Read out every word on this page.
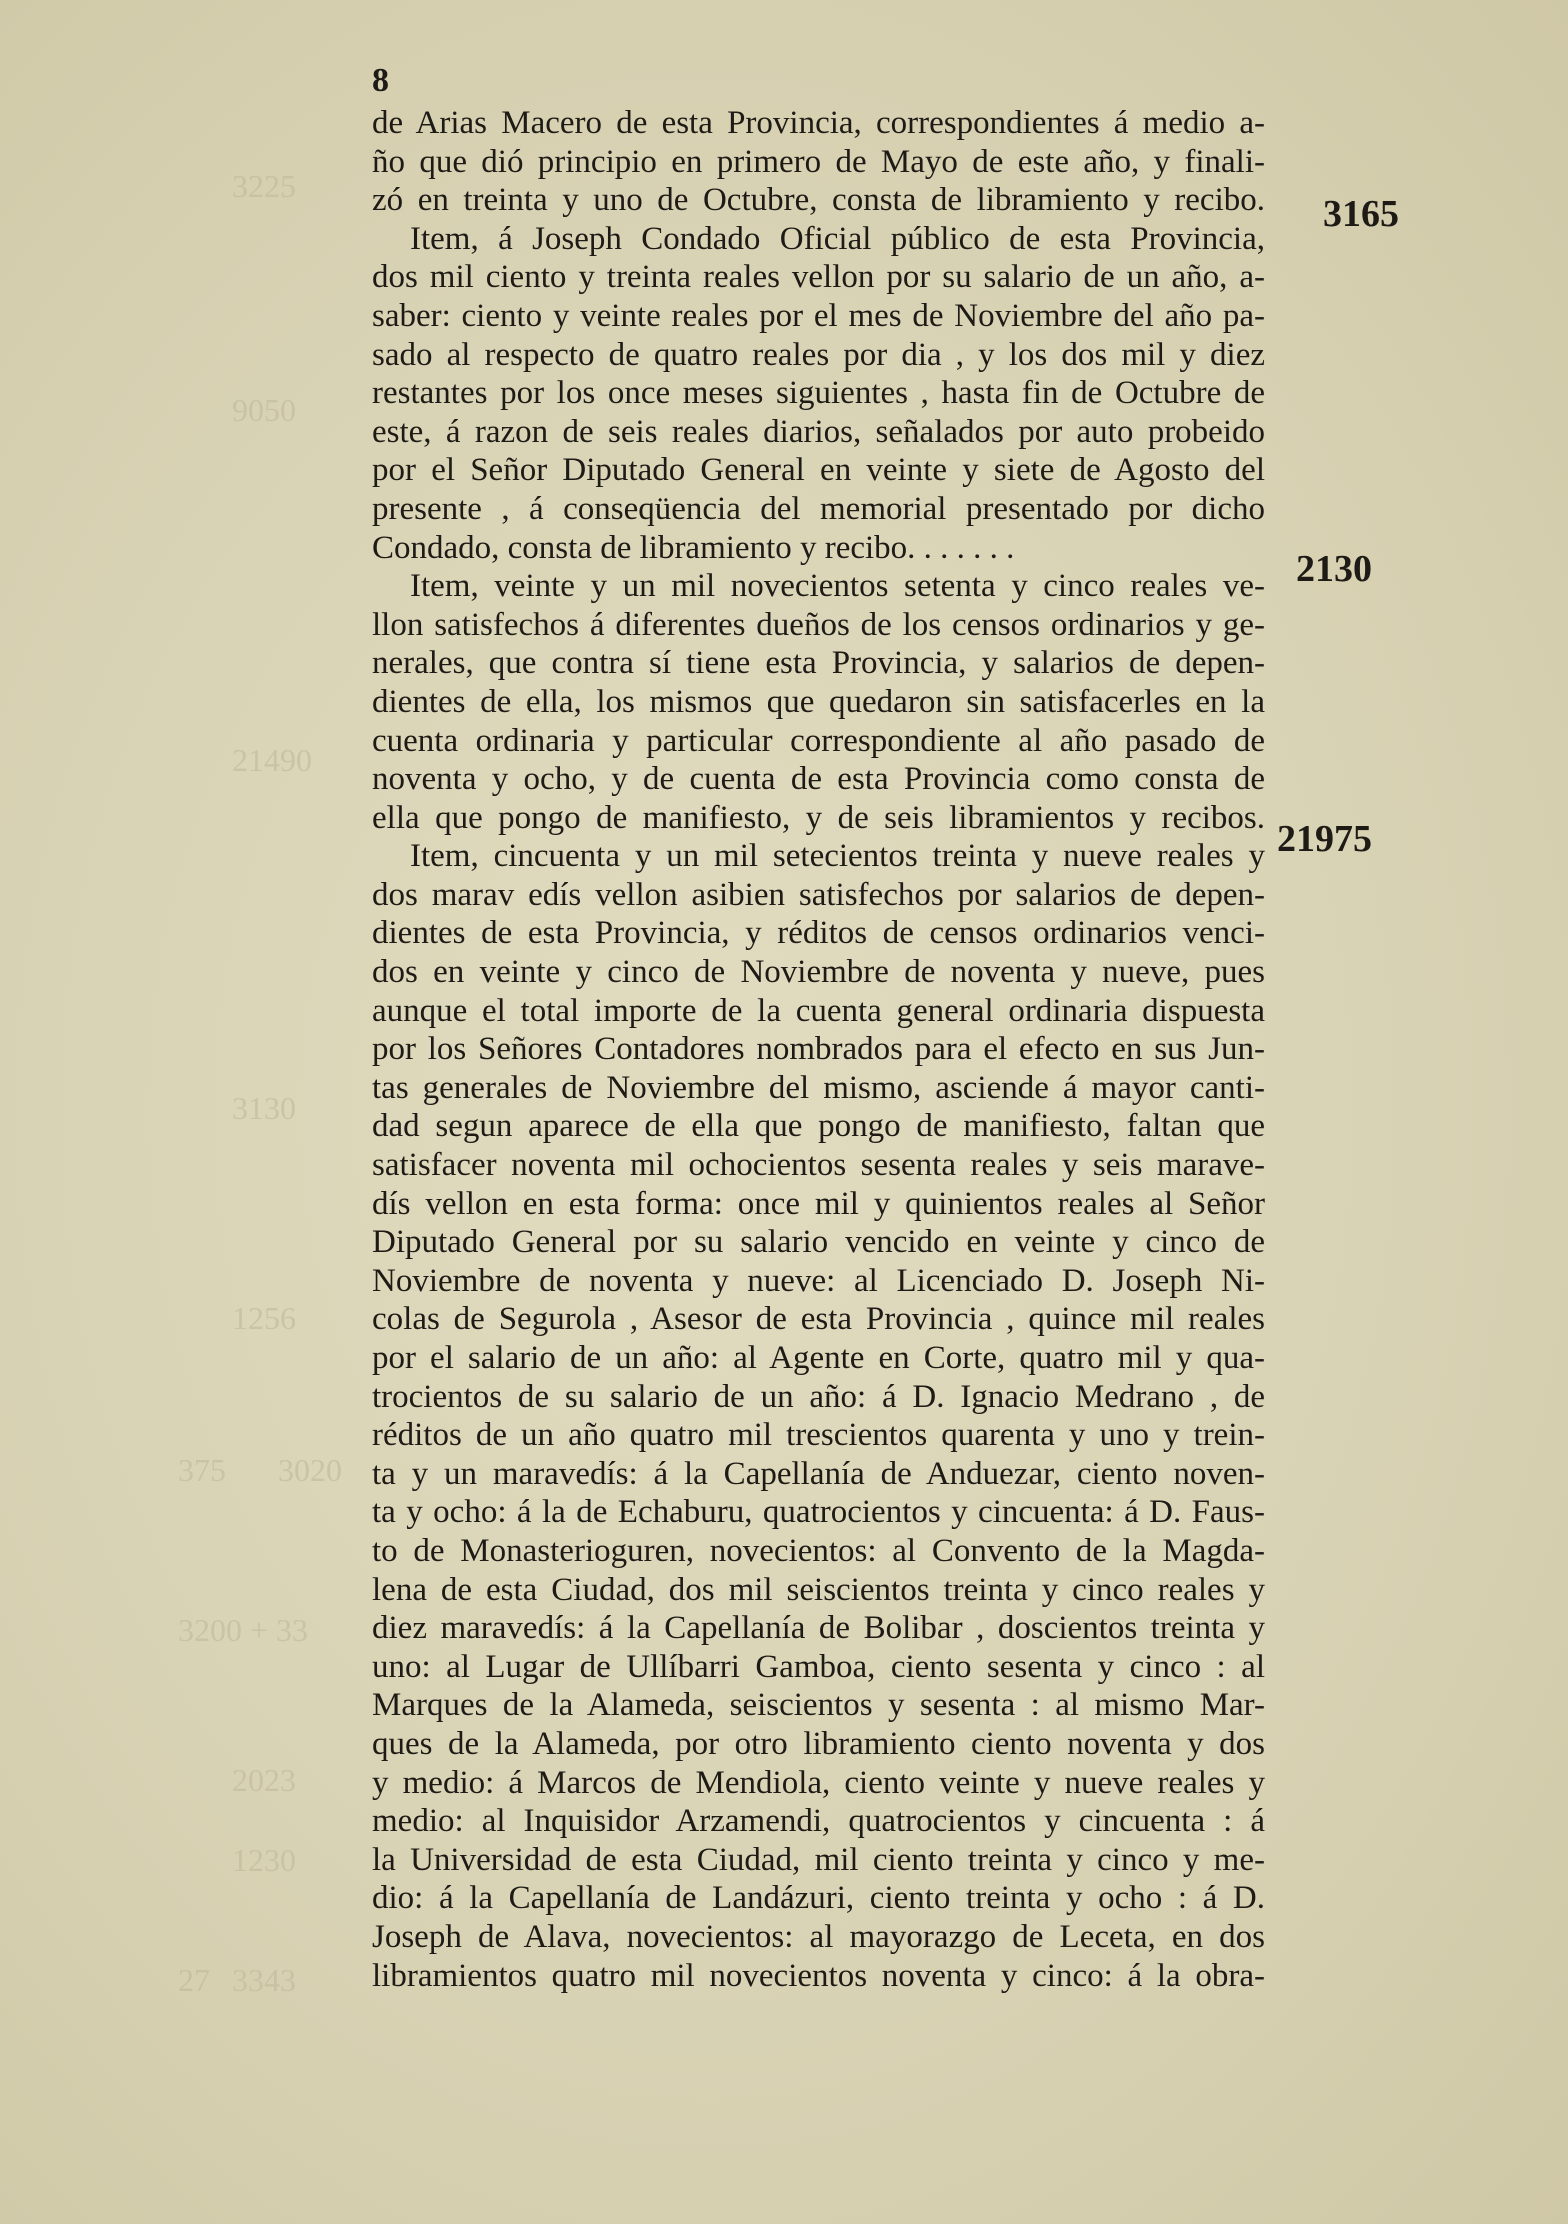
8
de Arias Macero de esta Provincia, correspondientes á medio a-
ño que dió principio en primero de Mayo de este año, y finali-
zó en treinta y uno de Octubre, consta de libramiento y recibo.
Item, á Joseph Condado Oficial público de esta Provincia,
dos mil ciento y treinta reales vellon por su salario de un año, a-
saber: ciento y veinte reales por el mes de Noviembre del año pa-
sado al respecto de quatro reales por dia , y los dos mil y diez
restantes por los once meses siguientes , hasta fin de Octubre de
este, á razon de seis reales diarios, señalados por auto probeido
por el Señor Diputado General en veinte y siete de Agosto del
presente , á conseqüencia del memorial presentado por dicho
Condado, consta de libramiento y recibo. . . . . . .
Item, veinte y un mil novecientos setenta y cinco reales ve-
llon satisfechos á diferentes dueños de los censos ordinarios y ge-
nerales, que contra sí tiene esta Provincia, y salarios de depen-
dientes de ella, los mismos que quedaron sin satisfacerles en la
cuenta ordinaria y particular correspondiente al año pasado de
noventa y ocho, y de cuenta de esta Provincia como consta de
ella que pongo de manifiesto, y de seis libramientos y recibos.
Item, cincuenta y un mil setecientos treinta y nueve reales y
dos marav edís vellon asibien satisfechos por salarios de depen-
dientes de esta Provincia, y réditos de censos ordinarios venci-
dos en veinte y cinco de Noviembre de noventa y nueve, pues
aunque el total importe de la cuenta general ordinaria dispuesta
por los Señores Contadores nombrados para el efecto en sus Jun-
tas generales de Noviembre del mismo, asciende á mayor canti-
dad segun aparece de ella que pongo de manifiesto, faltan que
satisfacer noventa mil ochocientos sesenta reales y seis marave-
dís vellon en esta forma: once mil y quinientos reales al Señor
Diputado General por su salario vencido en veinte y cinco de
Noviembre de noventa y nueve: al Licenciado D. Joseph Ni-
colas de Segurola , Asesor de esta Provincia , quince mil reales
por el salario de un año: al Agente en Corte, quatro mil y qua-
trocientos de su salario de un año: á D. Ignacio Medrano , de
réditos de un año quatro mil trescientos quarenta y uno y trein-
ta y un maravedís: á la Capellanía de Anduezar, ciento noven-
ta y ocho: á la de Echaburu, quatrocientos y cincuenta: á D. Faus-
to de Monasterioguren, novecientos: al Convento de la Magda-
lena de esta Ciudad, dos mil seiscientos treinta y cinco reales y
diez maravedís: á la Capellanía de Bolibar , doscientos treinta y
uno: al Lugar de Ullíbarri Gamboa, ciento sesenta y cinco : al
Marques de la Alameda, seiscientos y sesenta : al mismo Mar-
ques de la Alameda, por otro libramiento ciento noventa y dos
y medio: á Marcos de Mendiola, ciento veinte y nueve reales y
medio: al Inquisidor Arzamendi, quatrocientos y cincuenta : á
la Universidad de esta Ciudad, mil ciento treinta y cinco y me-
dio: á la Capellanía de Landázuri, ciento treinta y ocho : á D.
Joseph de Alava, novecientos: al mayorazgo de Leceta, en dos
libramientos quatro mil novecientos noventa y cinco: á la obra-
3165
2130
21975
3225
9050
21490
3130
1256
375 3020
3200 + 33
2023
3343
27
1230
